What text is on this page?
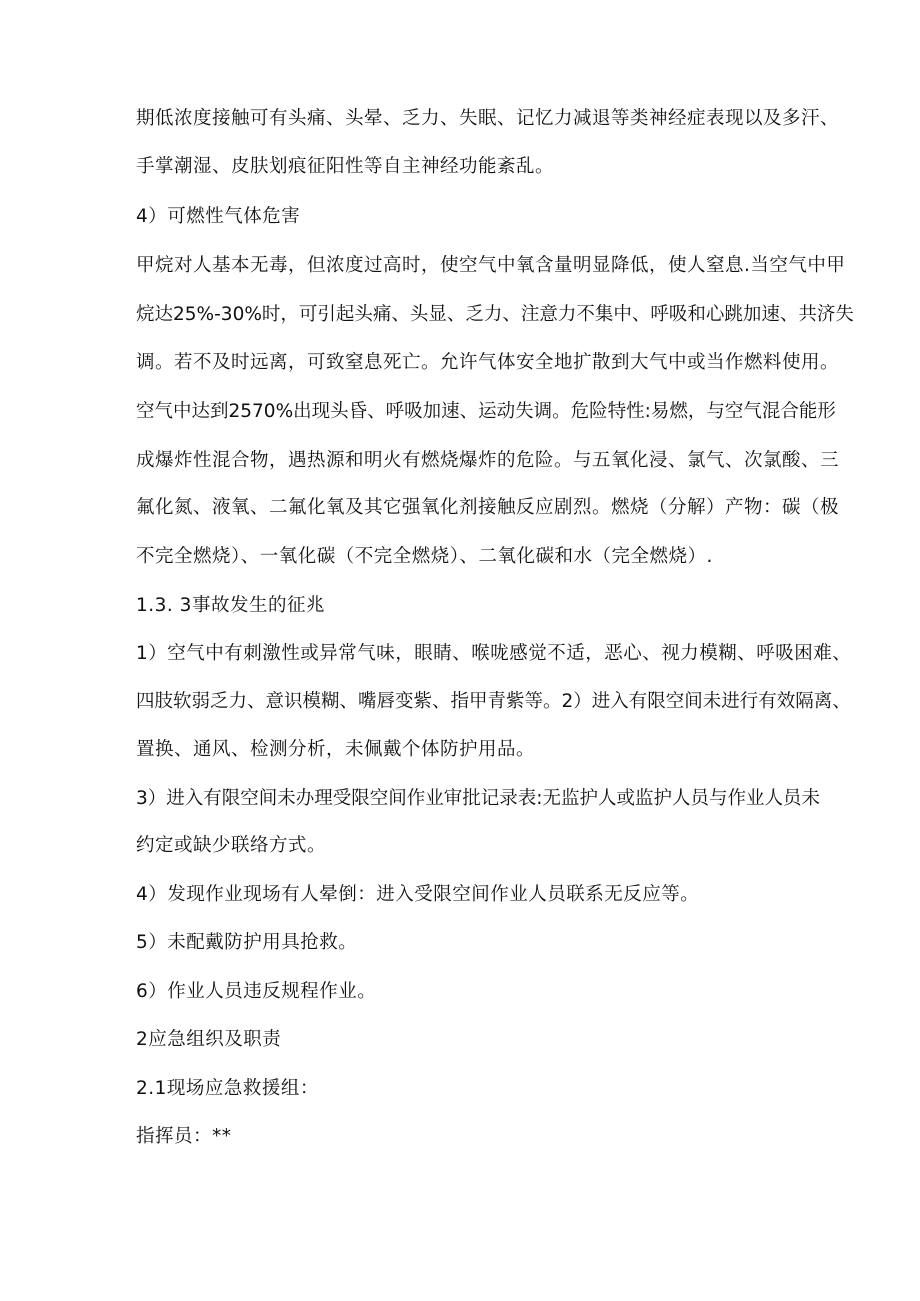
期低浓度接触可有头痛、头晕、乏力、失眠、记忆力减退等类神经症表现以及多汗、
手掌潮湿、皮肤划痕征阳性等自主神经功能紊乱。
4）可燃性气体危害
甲烷对人基本无毒，但浓度过高时，使空气中氧含量明显降低，使人窒息.当空气中甲
烷达25%-30%时，可引起头痛、头显、乏力、注意力不集中、呼吸和心跳加速、共济失
调。若不及时远离，可致窒息死亡。允许气体安全地扩散到大气中或当作燃料使用。
空气中达到2570%出现头昏、呼吸加速、运动失调。危险特性:易燃，与空气混合能形
成爆炸性混合物，遇热源和明火有燃烧爆炸的危险。与五氧化浸、氯气、次氯酸、三
氟化氮、液氧、二氟化氧及其它强氧化剂接触反应剧烈。燃烧（分解）产物：碳（极
不完全燃烧）、一氧化碳（不完全燃烧）、二氧化碳和水（完全燃烧）.
1.3. 3事故发生的征兆
1）空气中有刺激性或异常气味，眼睛、喉咙感觉不适，恶心、视力模糊、呼吸困难、
四肢软弱乏力、意识模糊、嘴唇变紫、指甲青紫等。2）进入有限空间未进行有效隔离、
置换、通风、检测分析，未佩戴个体防护用品。
3）进入有限空间未办理受限空间作业审批记录表:无监护人或监护人员与作业人员未
约定或缺少联络方式。
4）发现作业现场有人晕倒：进入受限空间作业人员联系无反应等。
5）未配戴防护用具抢救。
6）作业人员违反规程作业。
2应急组织及职责
2.1现场应急救援组：
指挥员：**
